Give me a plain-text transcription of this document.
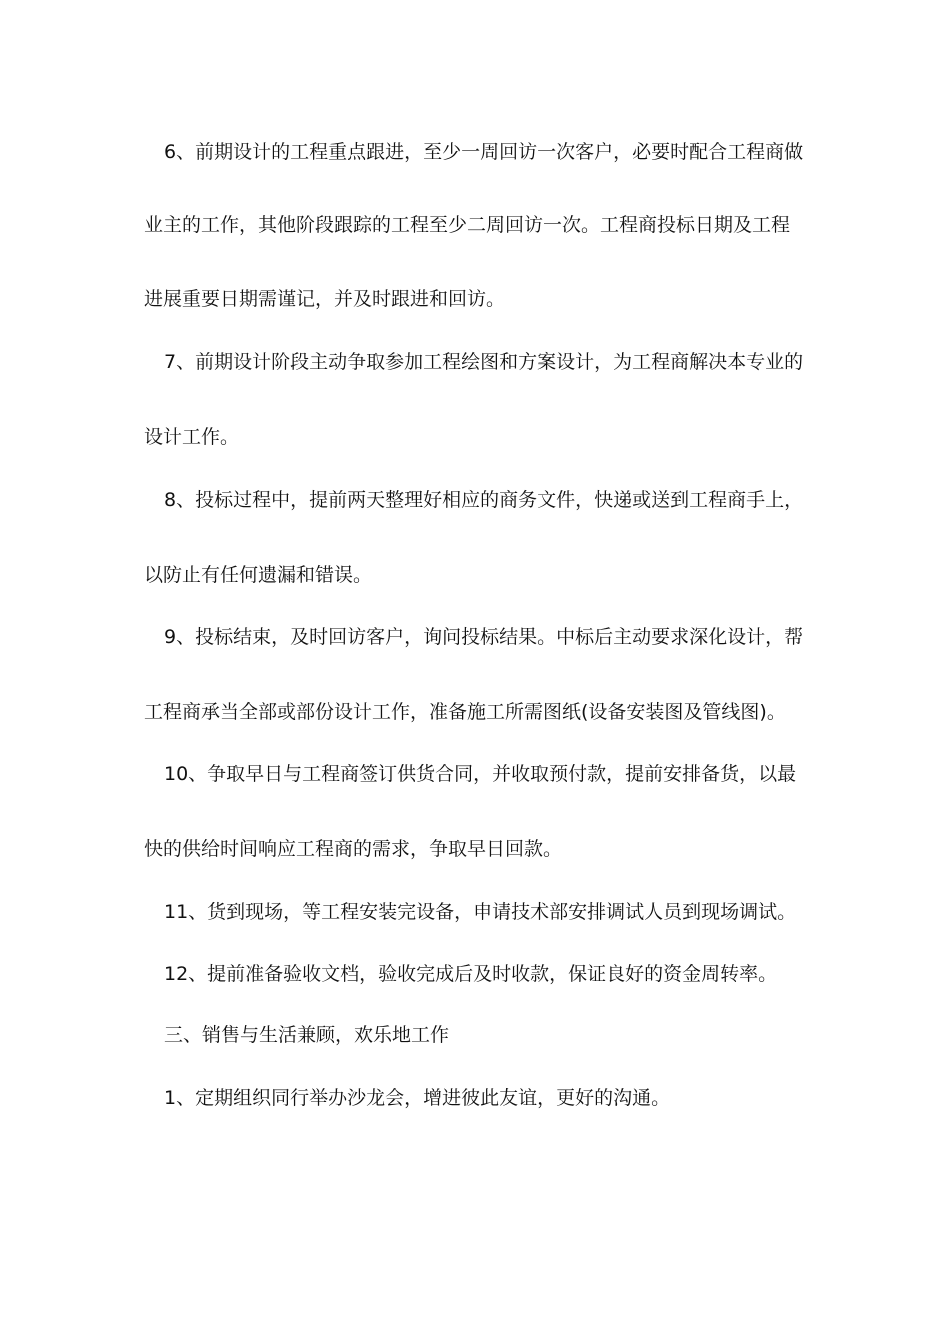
6、前期设计的工程重点跟进，至少一周回访一次客户，必要时配合工程商做
业主的工作，其他阶段跟踪的工程至少二周回访一次。工程商投标日期及工程
进展重要日期需谨记，并及时跟进和回访。
7、前期设计阶段主动争取参加工程绘图和方案设计，为工程商解决本专业的
设计工作。
8、投标过程中，提前两天整理好相应的商务文件，快递或送到工程商手上，
以防止有任何遗漏和错误。
9、投标结束，及时回访客户，询问投标结果。中标后主动要求深化设计，帮
工程商承当全部或部份设计工作，准备施工所需图纸(设备安装图及管线图)。
10、争取早日与工程商签订供货合同，并收取预付款，提前安排备货，以最
快的供给时间响应工程商的需求，争取早日回款。
11、货到现场，等工程安装完设备，申请技术部安排调试人员到现场调试。
12、提前准备验收文档，验收完成后及时收款，保证良好的资金周转率。
三、销售与生活兼顾，欢乐地工作
1、定期组织同行举办沙龙会，增进彼此友谊，更好的沟通。
